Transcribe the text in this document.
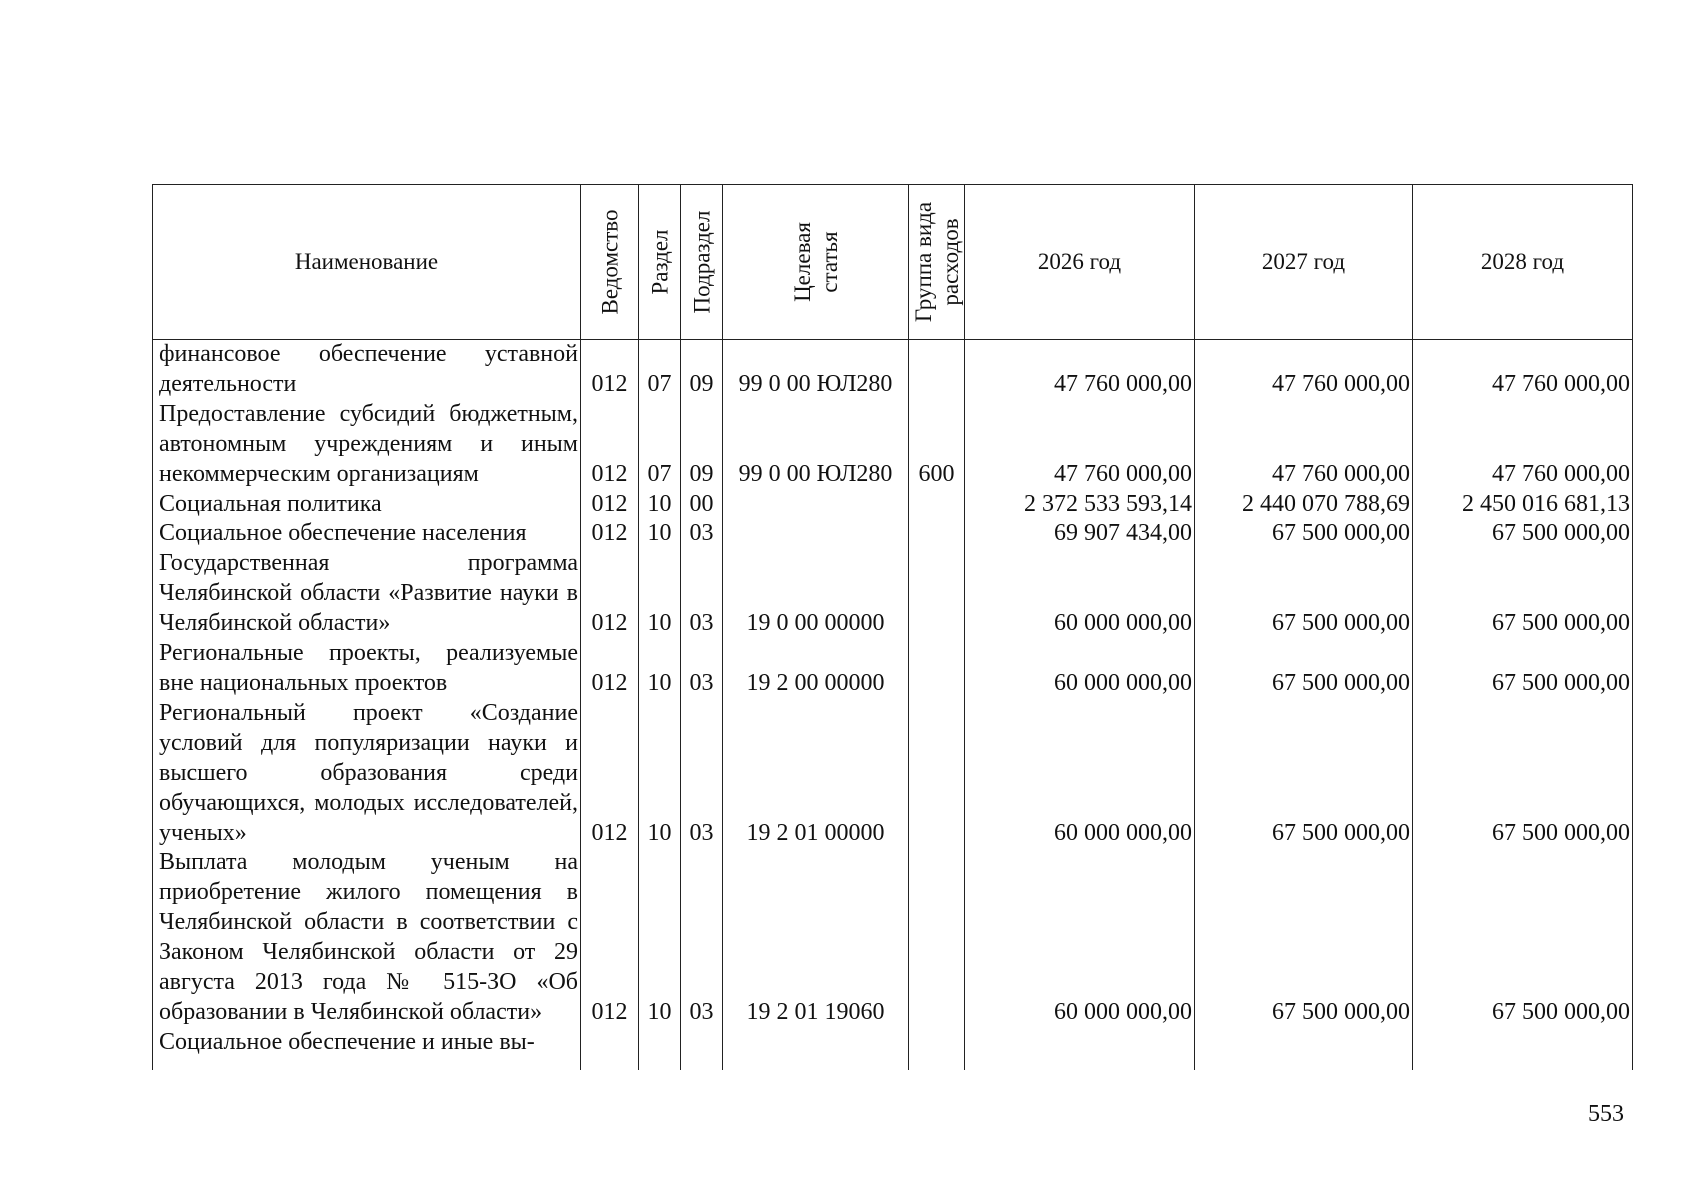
Наименование	Ведомство	Раздел	Подраздел	Целевая статья	Группа вида расходов	2026 год	2027 год	2028 год
финансовое обеспечение уставной деятельности	012	07	09	99 0 00 ЮЛ280		47 760 000,00	47 760 000,00	47 760 000,00
Предоставление субсидий бюджетным, автономным учреждениям и иным некоммерческим организациям	012	07	09	99 0 00 ЮЛ280	600	47 760 000,00	47 760 000,00	47 760 000,00
Социальная политика	012	10	00			2 372 533 593,14	2 440 070 788,69	2 450 016 681,13
Социальное обеспечение населения	012	10	03			69 907 434,00	67 500 000,00	67 500 000,00
Государственная программа Челябинской области «Развитие науки в Челябинской области»	012	10	03	19 0 00 00000		60 000 000,00	67 500 000,00	67 500 000,00
Региональные проекты, реализуемые вне национальных проектов	012	10	03	19 2 00 00000		60 000 000,00	67 500 000,00	67 500 000,00
Региональный проект «Создание условий для популяризации науки и высшего образования среди обучающихся, молодых исследователей, ученых»	012	10	03	19 2 01 00000		60 000 000,00	67 500 000,00	67 500 000,00
Выплата молодым ученым на приобретение жилого помещения в Челябинской области в соответствии с Законом Челябинской области от 29 августа 2013 года № 515-ЗО «Об образовании в Челябинской области»	012	10	03	19 2 01 19060		60 000 000,00	67 500 000,00	67 500 000,00
Социальное обеспечение и иные вы-								

553
